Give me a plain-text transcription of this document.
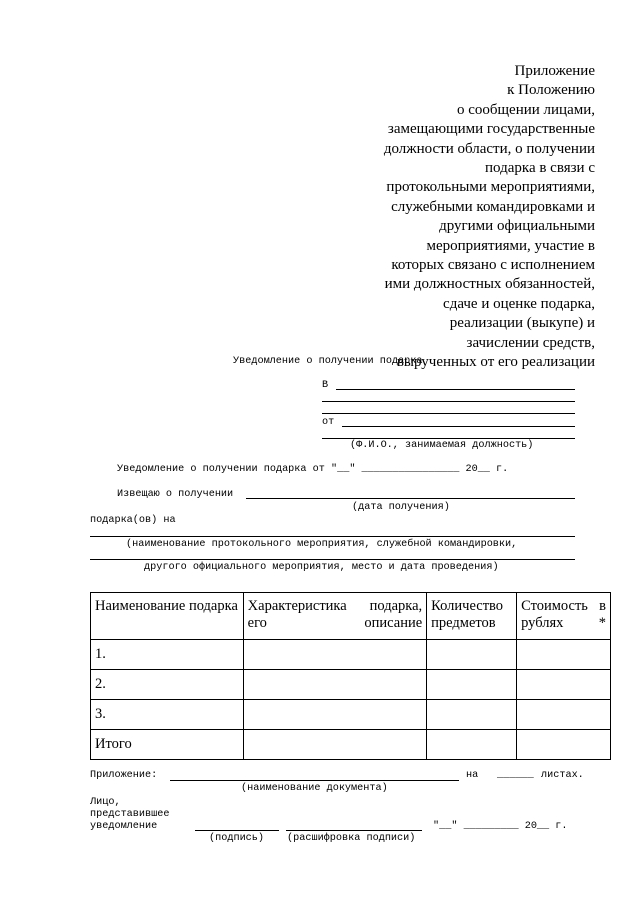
Приложение
к Положению
о сообщении лицами,
замещающими государственные
должности области, о получении
подарка в связи с
протокольными мероприятиями,
служебными командировками и
другими официальными
мероприятиями, участие в
которых связано с исполнением
ими должностных обязанностей,
сдаче и оценке подарка,
реализации (выкупе) и
зачислении средств,
вырученных от его реализации
Уведомление о получении подарка
В
от
(Ф.И.О., занимаемая должность)
Уведомление о получении подарка от "__" ________________ 20__ г.
Извещаю о получении
(дата получения)
подарка(ов) на
(наименование протокольного мероприятия, служебной командировки,
другого официального мероприятия, место и дата проведения)
Наименование подарка	Характеристика подарка, его описание	Количество предметов	Стоимость в рублях *
1.			
2.			
3.			
Итого			
Приложение:	на ______ листах.
(наименование документа)
Лицо,
представившее
уведомление	"__" _________ 20__ г.
(подпись) (расшифровка подписи)
